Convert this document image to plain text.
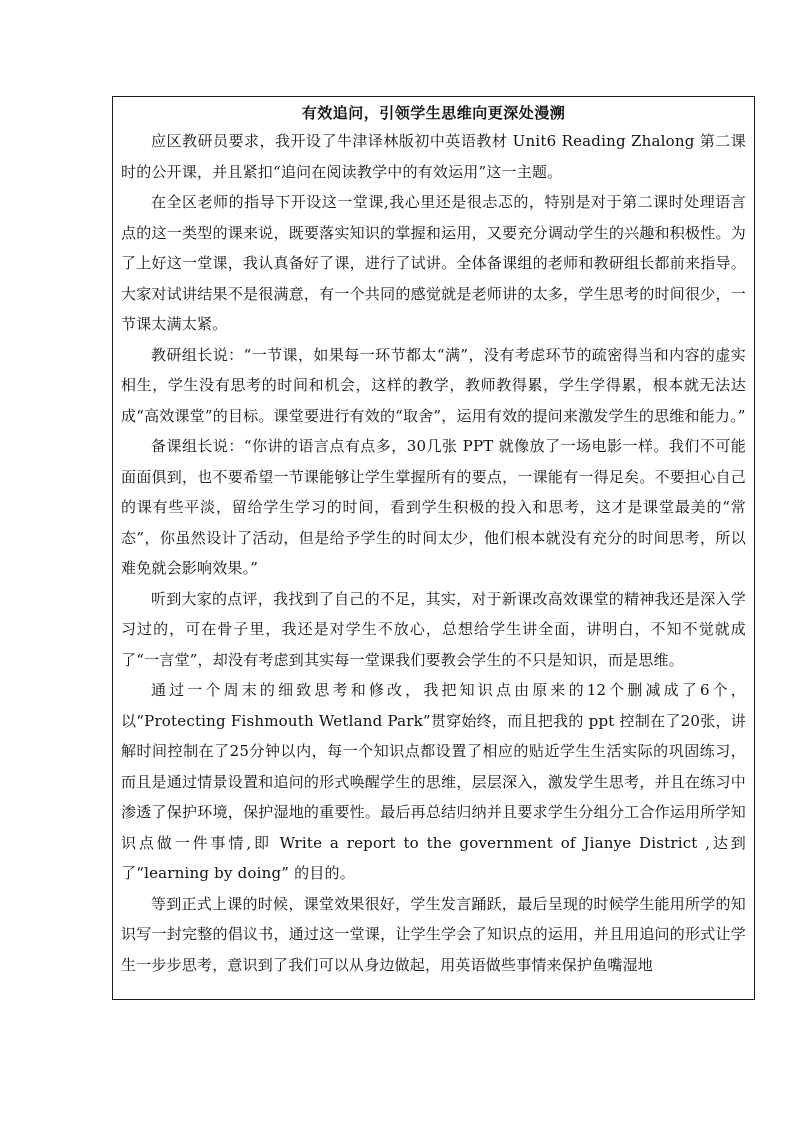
有效追问，引领学生思维向更深处漫溯

应区教研员要求，我开设了牛津译林版初中英语教材 Unit6 Reading Zhalong 第二课时的公开课，并且紧扣“追问在阅读教学中的有效运用”这一主题。

在全区老师的指导下开设这一堂课,我心里还是很忐忑的，特别是对于第二课时处理语言点的这一类型的课来说，既要落实知识的掌握和运用，又要充分调动学生的兴趣和积极性。为了上好这一堂课，我认真备好了课，进行了试讲。全体备课组的老师和教研组长都前来指导。大家对试讲结果不是很满意，有一个共同的感觉就是老师讲的太多，学生思考的时间很少，一节课太满太紧。

教研组长说：“一节课，如果每一环节都太“满”，没有考虑环节的疏密得当和内容的虚实相生，学生没有思考的时间和机会，这样的教学，教师教得累，学生学得累，根本就无法达成“高效课堂”的目标。课堂要进行有效的“取舍”，运用有效的提问来激发学生的思维和能力。”

备课组长说：“你讲的语言点有点多，30几张 PPT 就像放了一场电影一样。我们不可能面面俱到，也不要希望一节课能够让学生掌握所有的要点，一课能有一得足矣。不要担心自己的课有些平淡，留给学生学习的时间，看到学生积极的投入和思考，这才是课堂最美的“常态”，你虽然设计了活动，但是给予学生的时间太少，他们根本就没有充分的时间思考，所以难免就会影响效果。”

听到大家的点评，我找到了自己的不足，其实，对于新课改高效课堂的精神我还是深入学习过的，可在骨子里，我还是对学生不放心，总想给学生讲全面，讲明白，不知不觉就成了“一言堂”，却没有考虑到其实每一堂课我们要教会学生的不只是知识，而是思维。

通过一个周末的细致思考和修改，我把知识点由原来的12个删减成了6个，以“Protecting Fishmouth Wetland Park”贯穿始终，而且把我的 ppt 控制在了20张，讲解时间控制在了25分钟以内，每一个知识点都设置了相应的贴近学生生活实际的巩固练习，而且是通过情景设置和追问的形式唤醒学生的思维，层层深入，激发学生思考，并且在练习中渗透了保护环境，保护湿地的重要性。最后再总结归纳并且要求学生分组分工合作运用所学知识点做一件事情,即 Write a report to the government of Jianye District ,达到了“learning by doing” 的目的。

等到正式上课的时候，课堂效果很好，学生发言踊跃，最后呈现的时候学生能用所学的知识写一封完整的倡议书，通过这一堂课，让学生学会了知识点的运用，并且用追问的形式让学生一步步思考，意识到了我们可以从身边做起，用英语做些事情来保护鱼嘴湿地
